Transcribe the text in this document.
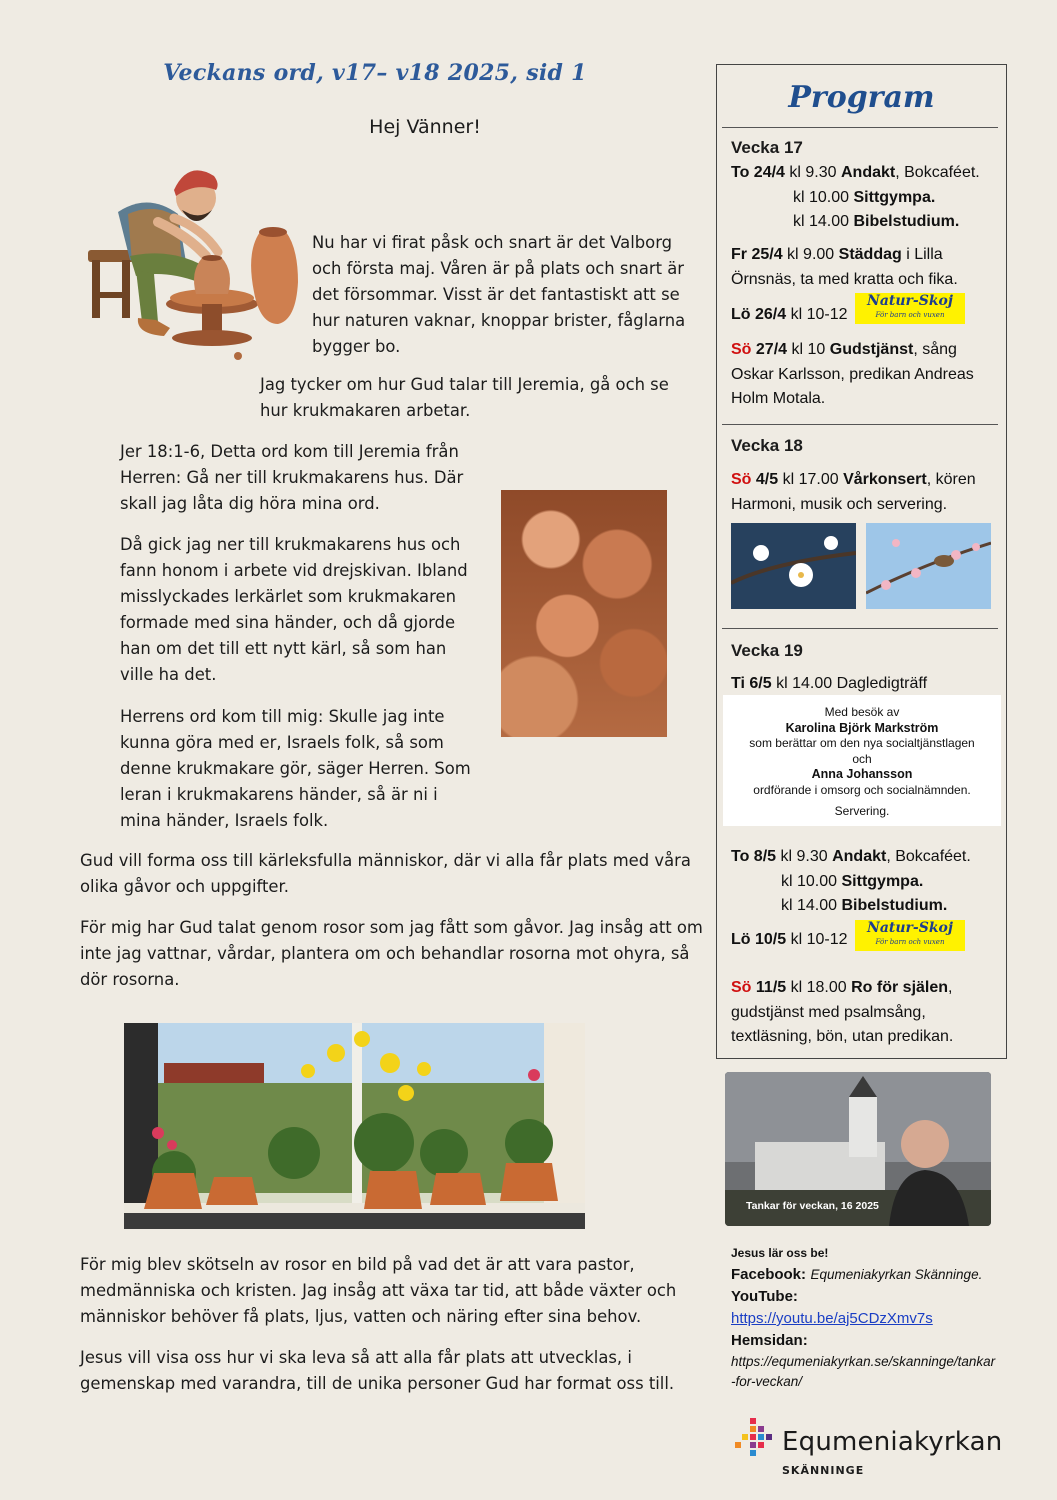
Veckans ord, v17– v18 2025, sid 1
Hej Vänner!

Nu har vi firat påsk och snart är det Valborg och första maj. Våren är på plats och snart är det försommar. Visst är det fantastiskt att se hur naturen vaknar, knoppar brister, fåglarna bygger bo.

Jag tycker om hur Gud talar till Jeremia, gå och se hur krukmakaren arbetar.

Jer 18:1-6, Detta ord kom till Jeremia från Herren: Gå ner till krukmakarens hus. Där skall jag låta dig höra mina ord.

Då gick jag ner till krukmakarens hus och fann honom i arbete vid drejskivan. Ibland misslyckades lerkärlet som krukmakaren formade med sina händer, och då gjorde han om det till ett nytt kärl, så som han ville ha det.

Herrens ord kom till mig: Skulle jag inte kunna göra med er, Israels folk, så som denne krukmakare gör, säger Herren. Som leran i krukmakarens händer, så är ni i mina händer, Israels folk.

Gud vill forma oss till kärleksfulla människor, där vi alla får plats med våra olika gåvor och uppgifter.

För mig har Gud talat genom rosor som jag fått som gåvor. Jag insåg att om inte jag vattnar, vårdar, plantera om och behandlar rosorna mot ohyra, så dör rosorna.

För mig blev skötseln av rosor en bild på vad det är att vara pastor, medmänniska och kristen. Jag insåg att växa tar tid, att både växter och människor behöver få plats, ljus, vatten och näring efter sina behov.

Jesus vill visa oss hur vi ska leva så att alla får plats att utvecklas, i gemenskap med varandra, till de unika personer Gud har format oss till.

Program
Vecka 17
To 24/4 kl 9.30 Andakt, Bokcaféet.
kl 10.00 Sittgympa.
kl 14.00 Bibelstudium.
Fr 25/4 kl 9.00 Städdag i Lilla Örnsnäs, ta med kratta och fika.
Lö 26/4 kl 10-12
Natur-Skoj
För barn och vuxen
Sö 27/4 kl 10 Gudstjänst, sång Oskar Karlsson, predikan Andreas Holm Motala.
Vecka 18
Sö 4/5 kl 17.00 Vårkonsert, kören Harmoni, musik och servering.
Vecka 19
Ti 6/5 kl 14.00 Dagledigträff
Med besök av
Karolina Björk Markström
som berättar om den nya socialtjänstlagen
och
Anna Johansson
ordförande i omsorg och socialnämnden.
Servering.
To 8/5 kl 9.30 Andakt, Bokcaféet.
kl 10.00 Sittgympa.
kl 14.00 Bibelstudium.
Lö 10/5 kl 10-12
Natur-Skoj
För barn och vuxen
Sö 11/5 kl 18.00 Ro för själen, gudstjänst med psalmsång, textläsning, bön, utan predikan.
Tankar för veckan, 16 2025
Jesus lär oss be!
Facebook: Equmeniakyrkan Skänninge.
YouTube:
https://youtu.be/aj5CDzXmv7s
Hemsidan:
https://equmeniakyrkan.se/skanninge/tankar
-for-veckan/
Equmeniakyrkan
SKÄNNINGE
